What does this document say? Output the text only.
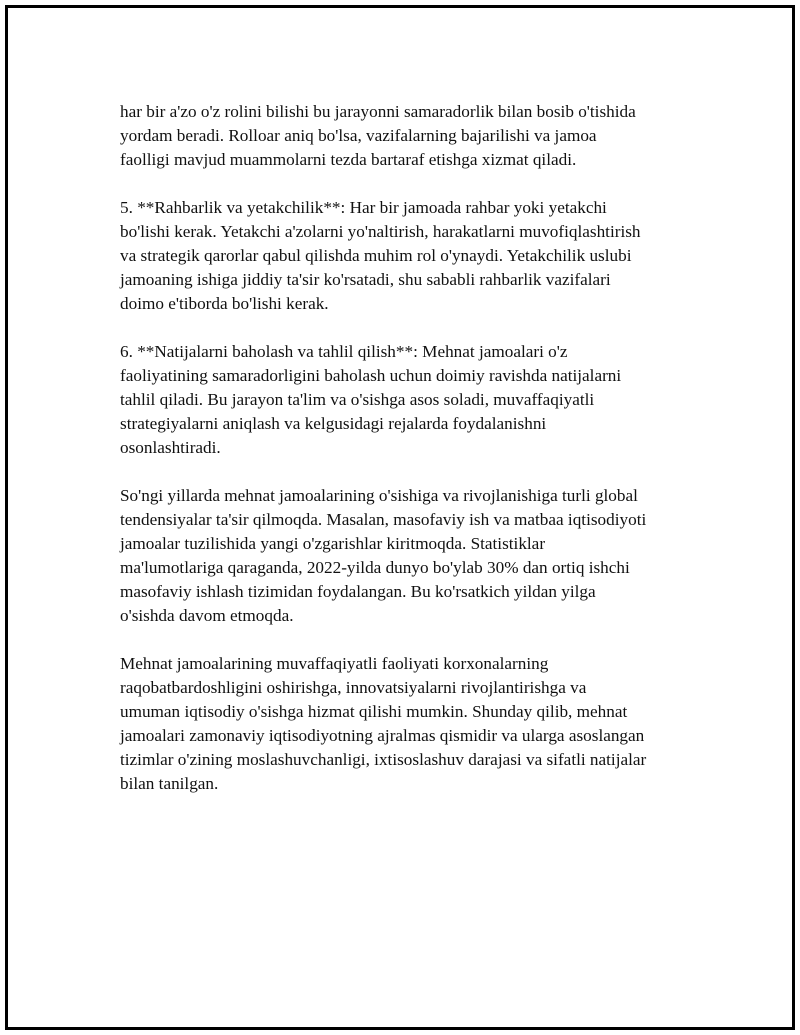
har bir a'zo o'z rolini bilishi bu jarayonni samaradorlik bilan bosib o'tishida
yordam beradi. Rolloar aniq bo'lsa, vazifalarning bajarilishi va jamoa
faolligi mavjud muammolarni tezda bartaraf etishga xizmat qiladi.

5. **Rahbarlik va yetakchilik**: Har bir jamoada rahbar yoki yetakchi
bo'lishi kerak. Yetakchi a'zolarni yo'naltirish, harakatlarni muvofiqlashtirish
va strategik qarorlar qabul qilishda muhim rol o'ynaydi. Yetakchilik uslubi
jamoaning ishiga jiddiy ta'sir ko'rsatadi, shu sababli rahbarlik vazifalari
doimo e'tiborda bo'lishi kerak.

6. **Natijalarni baholash va tahlil qilish**: Mehnat jamoalari o'z
faoliyatining samaradorligini baholash uchun doimiy ravishda natijalarni
tahlil qiladi. Bu jarayon ta'lim va o'sishga asos soladi, muvaffaqiyatli
strategiyalarni aniqlash va kelgusidagi rejalarda foydalanishni
osonlashtiradi.

So'ngi yillarda mehnat jamoalarining o'sishiga va rivojlanishiga turli global
tendensiyalar ta'sir qilmoqda. Masalan, masofaviy ish va matbaa iqtisodiyoti
jamoalar tuzilishida yangi o'zgarishlar kiritmoqda. Statistiklar
ma'lumotlariga qaraganda, 2022-yilda dunyo bo'ylab 30% dan ortiq ishchi
masofaviy ishlash tizimidan foydalangan. Bu ko'rsatkich yildan yilga
o'sishda davom etmoqda.

Mehnat jamoalarining muvaffaqiyatli faoliyati korxonalarning
raqobatbardoshligini oshirishga, innovatsiyalarni rivojlantirishga va
umuman iqtisodiy o'sishga hizmat qilishi mumkin. Shunday qilib, mehnat
jamoalari zamonaviy iqtisodiyotning ajralmas qismidir va ularga asoslangan
tizimlar o'zining moslashuvchanligi, ixtisoslashuv darajasi va sifatli natijalar
bilan tanilgan.
